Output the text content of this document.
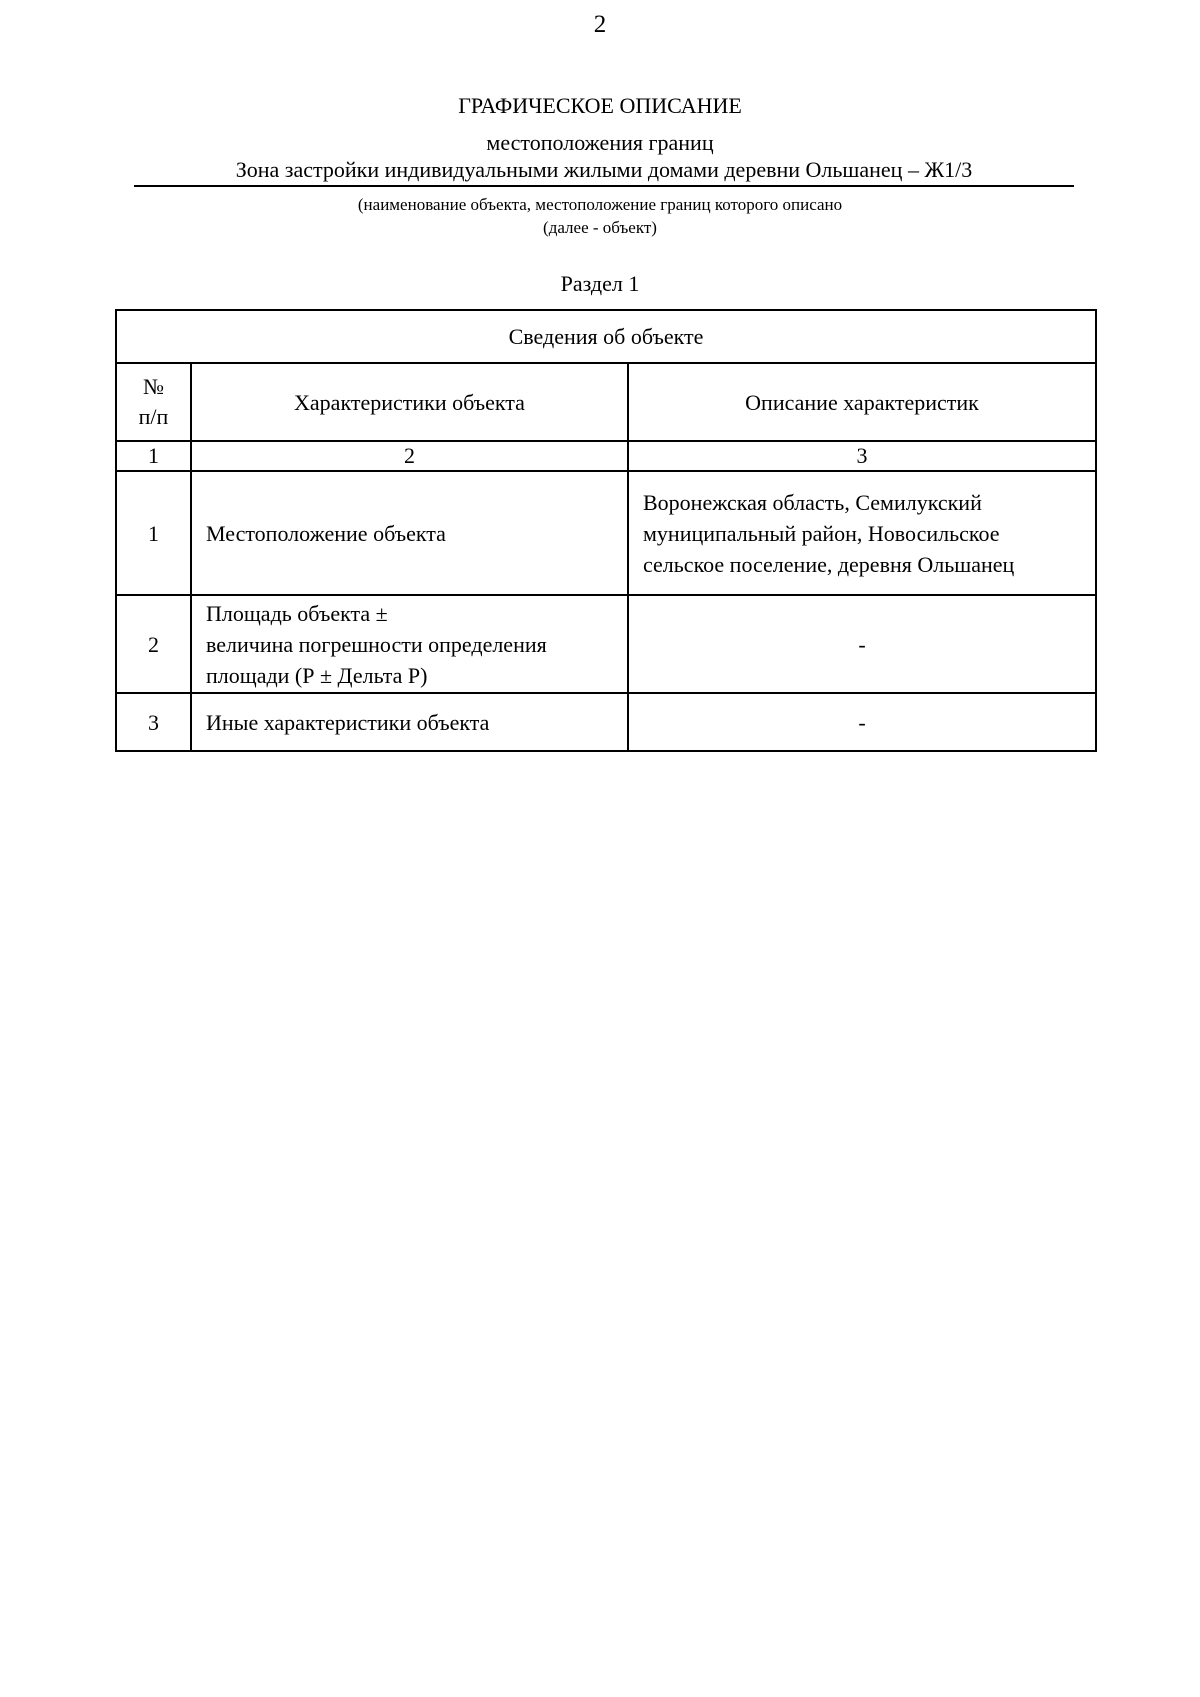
2
ГРАФИЧЕСКОЕ ОПИСАНИЕ
местоположения границ
Зона застройки индивидуальными жилыми домами деревни Ольшанец – Ж1/3
(наименование объекта, местоположение границ которого описано
(далее - объект)
Раздел 1
Сведения об объекте		

№
п/п	Характеристики объекта	Описание характеристик
1	2	3
1	Местоположение объекта	Воронежская область, Семилукский
муниципальный район, Новосильское
сельское поселение, деревня Ольшанец

2	Площадь объекта ±
величина погрешности определения
площади (Р ± Дельта Р)	-

3	Иные характеристики объекта	-
